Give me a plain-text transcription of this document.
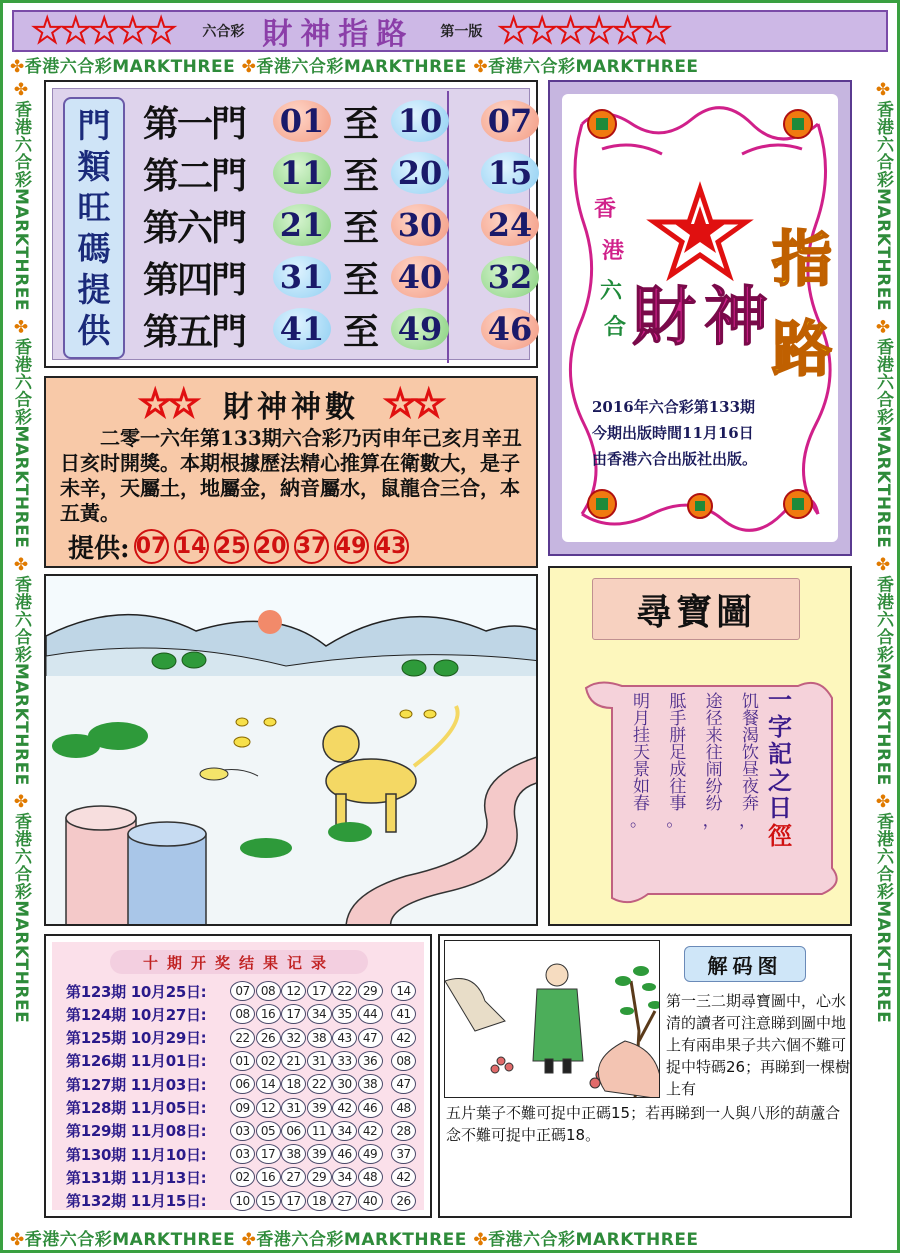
✤香港六合彩MARKTHREE ✤香港六合彩MARKTHREE ✤香港六合彩MARKTHREE
✤香港六合彩MARKTHREE ✤香港六合彩MARKTHREE ✤香港六合彩MARKTHREE
✤香港六合彩MARKTHREE ✤香港六合彩MARKTHREE ✤香港六合彩MARKTHREE ✤香港六合彩MARKTHREE
✤香港六合彩MARKTHREE ✤香港六合彩MARKTHREE ✤香港六合彩MARKTHREE ✤香港六合彩MARKTHREE
★★★★★ 六合彩 財神指路 第一版 ★★★★★★
門
類
旺
碼
提
供
第一門	01 至 10 07
第二門	11 至 20 15
第六門	21 至 30 24
第四門	31 至 40 32
第五門	41 至 49 46
香
港
六
合 財 神
指
路
2016年六合彩第133期
今期出版時間11月16日
由香港六合出版社出版。
★★ 財神神數 ★★
二零一六年第133期六合彩乃丙申年己亥月辛丑日亥时開獎。本期根據歷法精心推算在衛數大，是子未辛，天屬土，地屬金，納音屬水，鼠龍合三合，本五黃。
提供: 07 14 25 20 37 49 43
尋寶圖
饥餐渴饮昼夜奔
，
途径来往闹纷纷
，
胝手胼足成往事
。
明月挂天景如春
。
一
字
記
之
日
徑
十期开奖结果记录
第123期 10月25日:	07 08 12 17 22 29	14
第124期 10月27日:	08 16 17 34 35 44	41
第125期 10月29日:	22 26 32 38 43 47	42
第126期 11月01日:	01 02 21 31 33 36	08
第127期 11月03日:	06 14 18 22 30 38	47
第128期 11月05日:	09 12 31 39 42 46	48
第129期 11月08日:	03 05 06 11 34 42	28
第130期 11月10日:	03 17 38 39 46 49	37
第131期 11月13日:	02 16 27 29 34 48	42
第132期 11月15日:	10 15 17 18 27 40	26
解码图
第一三二期尋寶圖中，心水清的讀者可注意睇到圖中地上有兩串果子共六個不難可捉中特碼26；再睇到一棵樹上有
五片葉子不難可捉中正碼15；若再睇到一人與八形的葫蘆合念不難可捉中正碼18。
